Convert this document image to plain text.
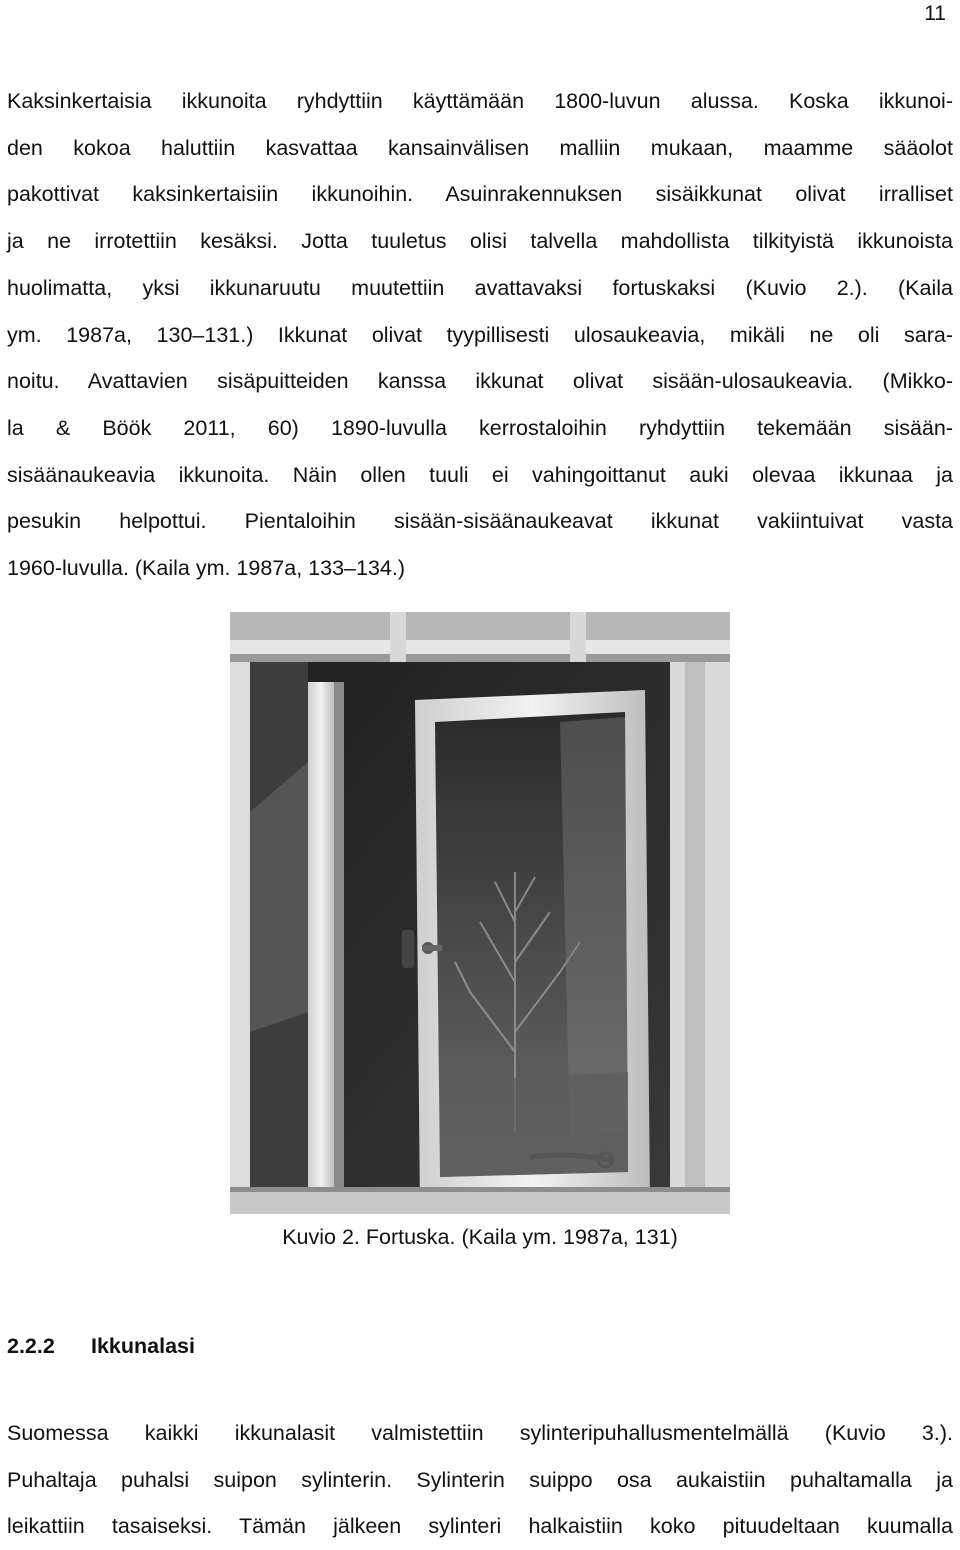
11
Kaksinkertaisia ikkunoita ryhdyttiin käyttämään 1800-luvun alussa. Koska ikkunoi-
den kokoa haluttiin kasvattaa kansainvälisen malliin mukaan, maamme sääolot
pakottivat kaksinkertaisiin ikkunoihin. Asuinrakennuksen sisäikkunat olivat irralliset
ja ne irrotettiin kesäksi. Jotta tuuletus olisi talvella mahdollista tilkityistä ikkunoista
huolimatta, yksi ikkunaruutu muutettiin avattavaksi fortuskaksi (Kuvio 2.). (Kaila
ym. 1987a, 130–131.) Ikkunat olivat tyypillisesti ulosaukeavia, mikäli ne oli sara-
noitu. Avattavien sisäpuitteiden kanssa ikkunat olivat sisään-ulosaukeavia. (Mikko-
la & Böök 2011, 60) 1890-luvulla kerrostaloihin ryhdyttiin tekemään sisään-
sisäänaukeavia ikkunoita. Näin ollen tuuli ei vahingoittanut auki olevaa ikkunaa ja
pesukin helpottui. Pientaloihin sisään-sisäänaukeavat ikkunat vakiintuivat vasta
1960-luvulla. (Kaila ym. 1987a, 133–134.)
Kuvio 2. Fortuska. (Kaila ym. 1987a, 131)
2.2.2 Ikkunalasi
Suomessa kaikki ikkunalasit valmistettiin sylinteripuhallusmentelmällä (Kuvio 3.).
Puhaltaja puhalsi suipon sylinterin. Sylinterin suippo osa aukaistiin puhaltamalla ja
leikattiin tasaiseksi. Tämän jälkeen sylinteri halkaistiin koko pituudeltaan kuumalla
